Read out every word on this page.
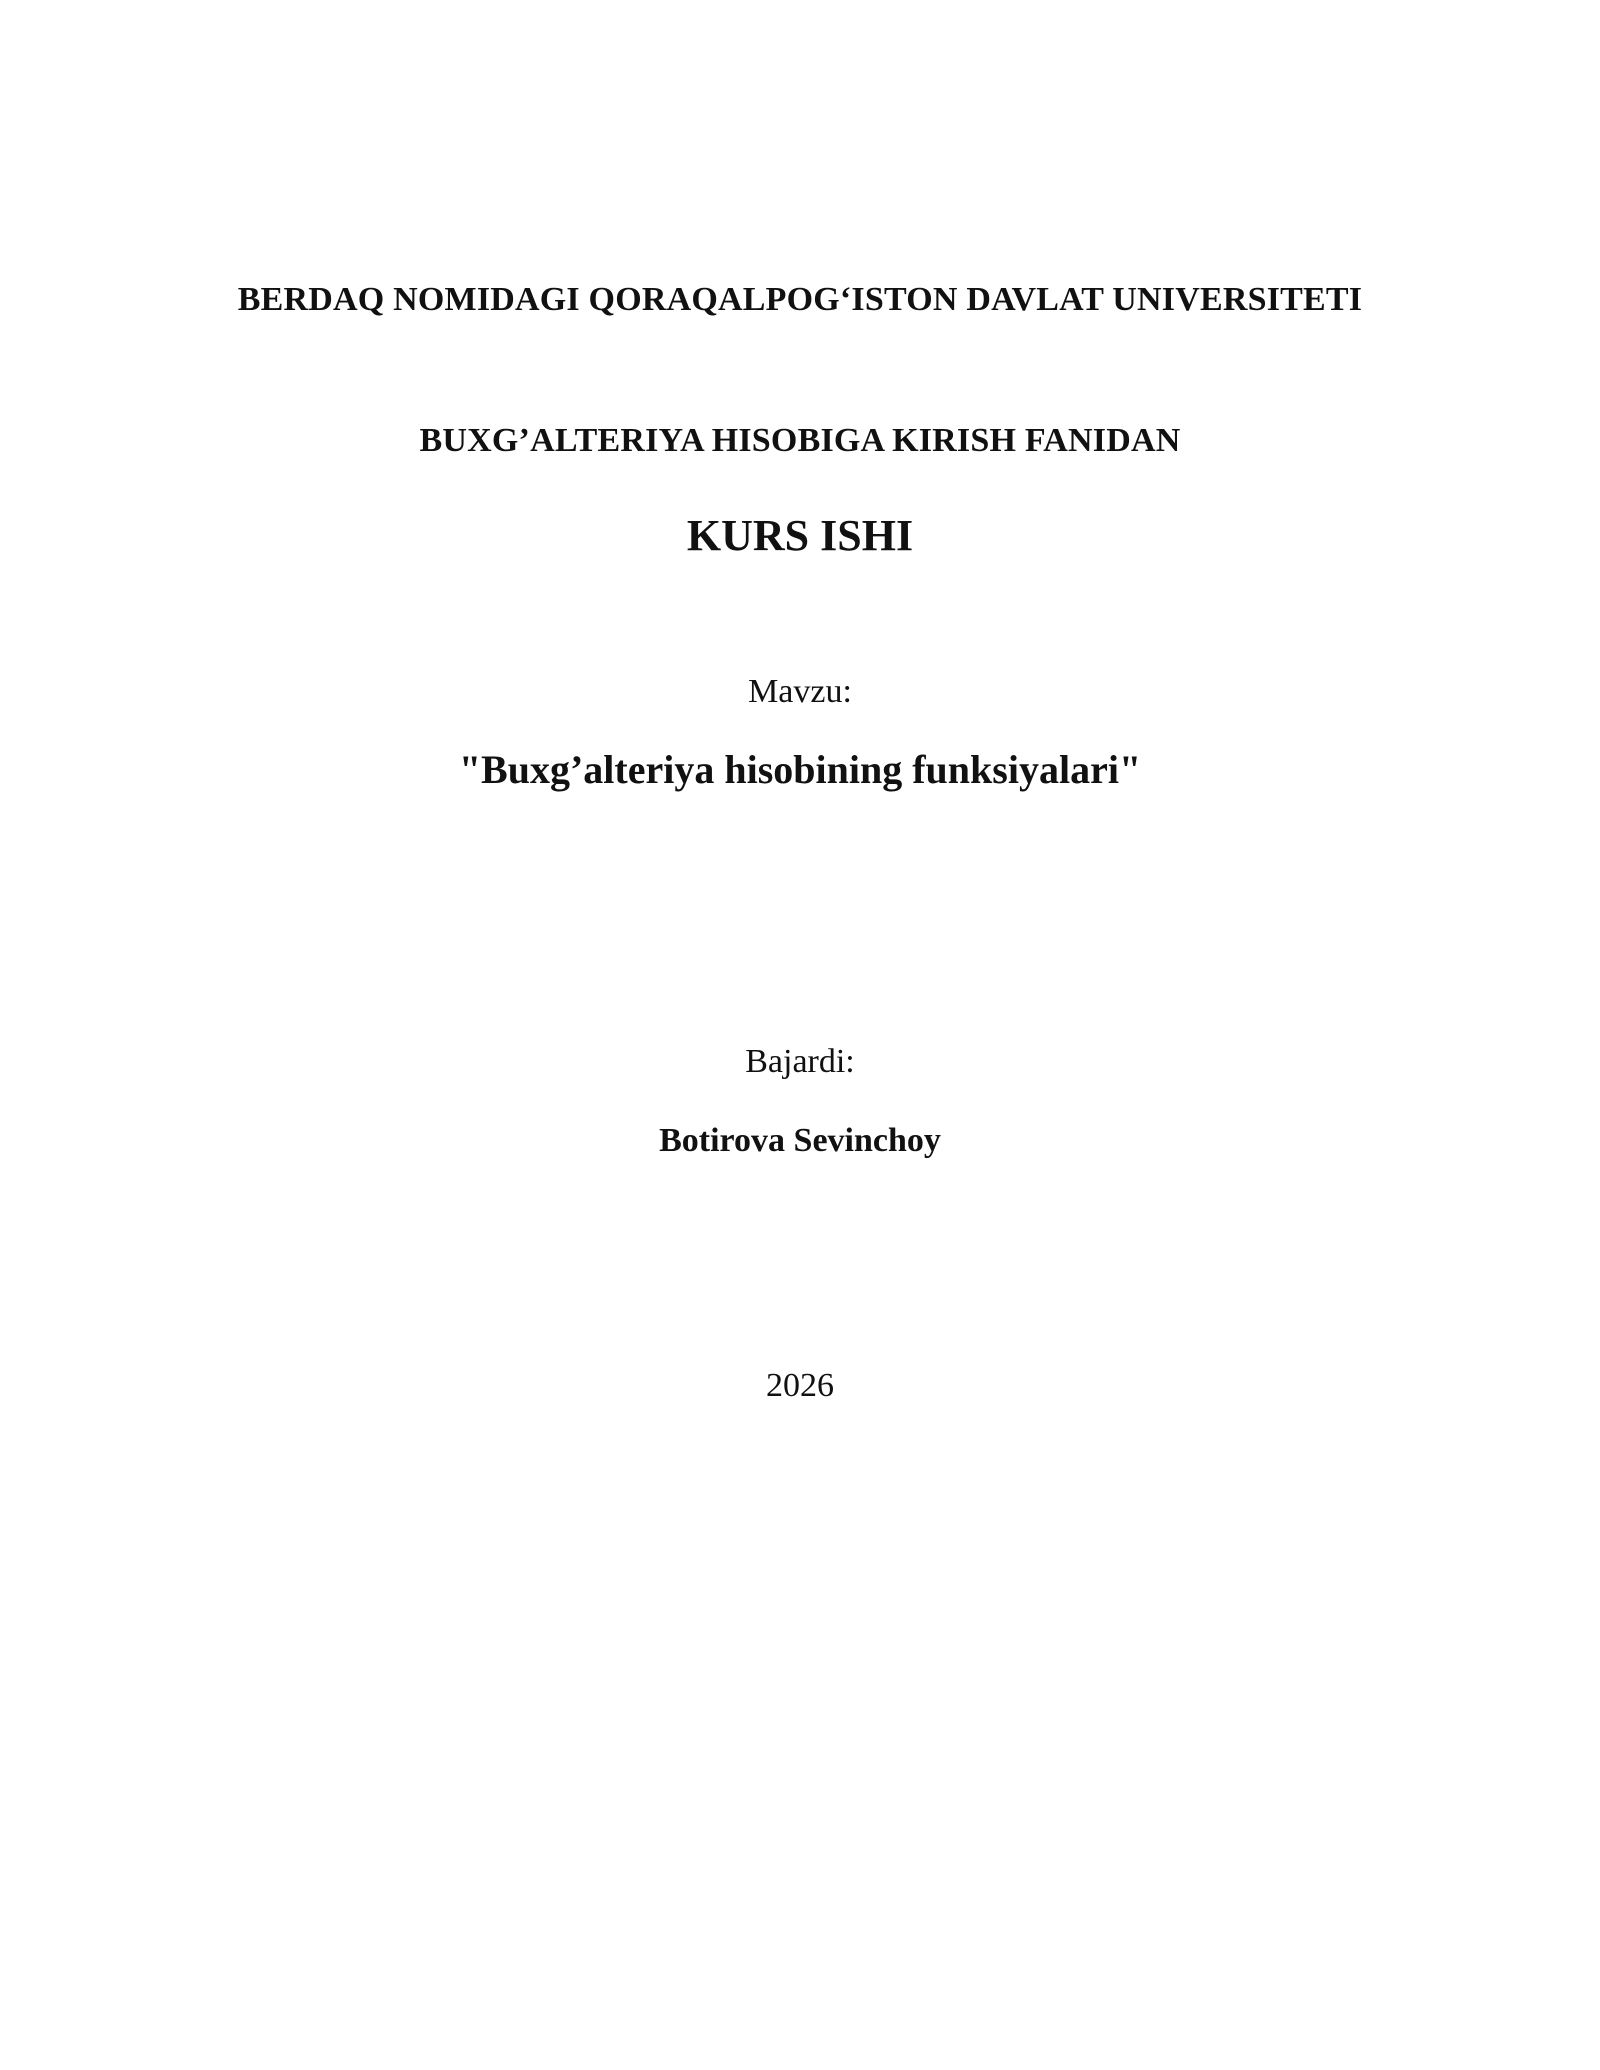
BERDAQ NOMIDAGI QORAQALPOG‘ISTON DAVLAT UNIVERSITETI

BUXG’ALTERIYA HISOBIGA KIRISH FANIDAN

KURS ISHI

Mavzu:

"Buxg’alteriya hisobining funksiyalari"

Bajardi:

Botirova Sevinchoy

2026
